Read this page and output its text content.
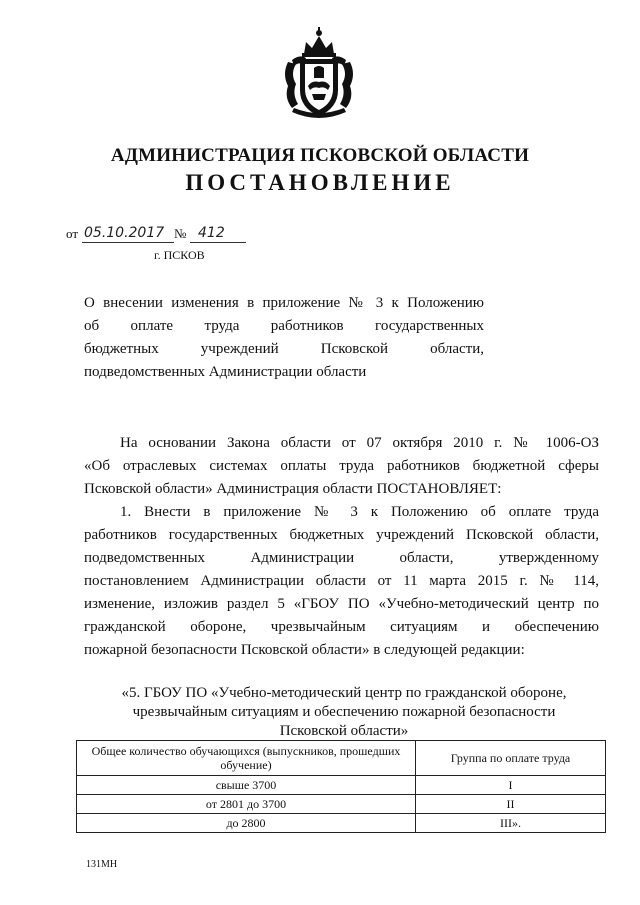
АДМИНИСТРАЦИЯ ПСКОВСКОЙ ОБЛАСТИ
ПОСТАНОВЛЕНИЕ
от 05.10.2017 № 412
г. ПСКОВ
О внесении изменения в приложение № 3 к Положению
об оплате труда работников государственных
бюджетных учреждений Псковской области,
подведомственных Администрации области
На основании Закона области от 07 октября 2010 г. № 1006-ОЗ
«Об отраслевых системах оплаты труда работников бюджетной сферы
Псковской области» Администрация области ПОСТАНОВЛЯЕТ:
1. Внести в приложение № 3 к Положению об оплате труда
работников государственных бюджетных учреждений Псковской области,
подведомственных Администрации области, утвержденному
постановлением Администрации области от 11 марта 2015 г. № 114,
изменение, изложив раздел 5 «ГБОУ ПО «Учебно-методический центр по
гражданской обороне, чрезвычайным ситуациям и обеспечению
пожарной безопасности Псковской области» в следующей редакции:
«5. ГБОУ ПО «Учебно-методический центр по гражданской обороне,
чрезвычайным ситуациям и обеспечению пожарной безопасности
Псковской области»
Общее количество обучающихся (выпускников, прошедших обучение)	Группа по оплате труда
свыше 3700	I
от 2801 до 3700	II
до 2800	III».
131МН
